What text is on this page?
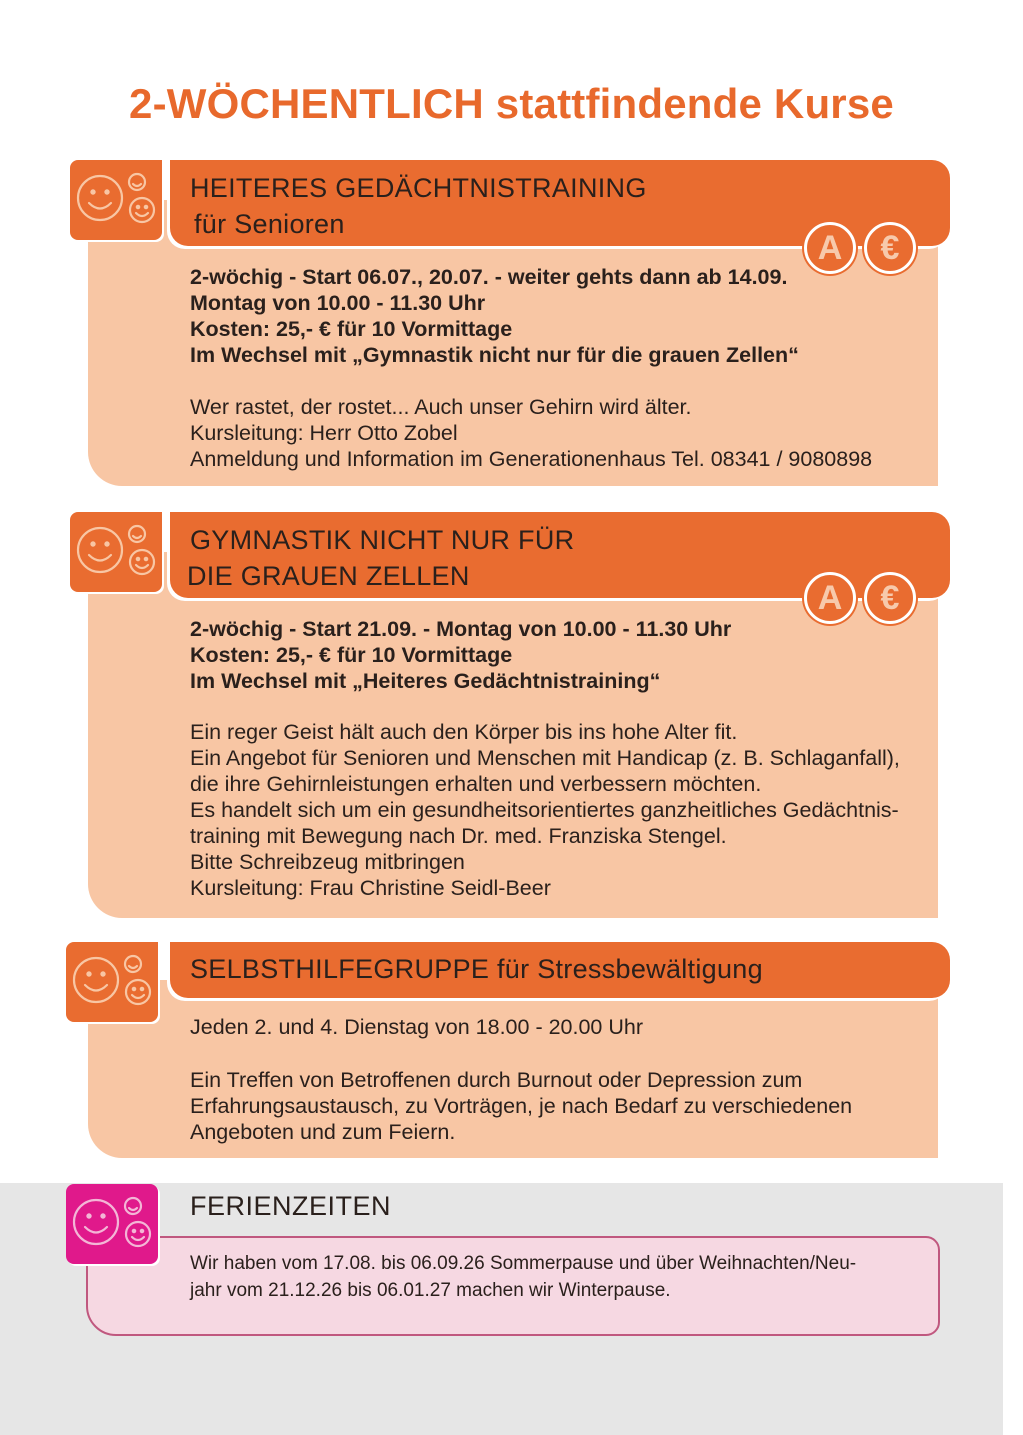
2-WÖCHENTLICH stattfindende Kurse
HEITERES GEDÄCHTNISTRAINING
für Senioren
A	€
2-wöchig - Start 06.07., 20.07. - weiter gehts dann ab 14.09.
Montag von 10.00 - 11.30 Uhr
Kosten: 25,- € für 10 Vormittage
Im Wechsel mit „Gymnastik nicht nur für die grauen Zellen“
Wer rastet, der rostet... Auch unser Gehirn wird älter.
Kursleitung: Herr Otto Zobel
Anmeldung und Information im Generationenhaus Tel. 08341 / 9080898
GYMNASTIK NICHT NUR FÜR
DIE GRAUEN ZELLEN
A	€
2-wöchig - Start 21.09. - Montag von 10.00 - 11.30 Uhr
Kosten: 25,- € für 10 Vormittage
Im Wechsel mit „Heiteres Gedächtnistraining“
Ein reger Geist hält auch den Körper bis ins hohe Alter fit.
Ein Angebot für Senioren und Menschen mit Handicap (z. B. Schlaganfall),
die ihre Gehirnleistungen erhalten und verbessern möchten.
Es handelt sich um ein gesundheitsorientiertes ganzheitliches Gedächtnis-
training mit Bewegung nach Dr. med. Franziska Stengel.
Bitte Schreibzeug mitbringen
Kursleitung: Frau Christine Seidl-Beer
SELBSTHILFEGRUPPE für Stressbewältigung
Jeden 2. und 4. Dienstag von 18.00 - 20.00 Uhr
Ein Treffen von Betroffenen durch Burnout oder Depression zum
Erfahrungsaustausch, zu Vorträgen, je nach Bedarf zu verschiedenen
Angeboten und zum Feiern.
FERIENZEITEN
Wir haben vom 17.08. bis 06.09.26 Sommerpause und über Weihnachten/Neu-
jahr vom 21.12.26 bis 06.01.27 machen wir Winterpause.
